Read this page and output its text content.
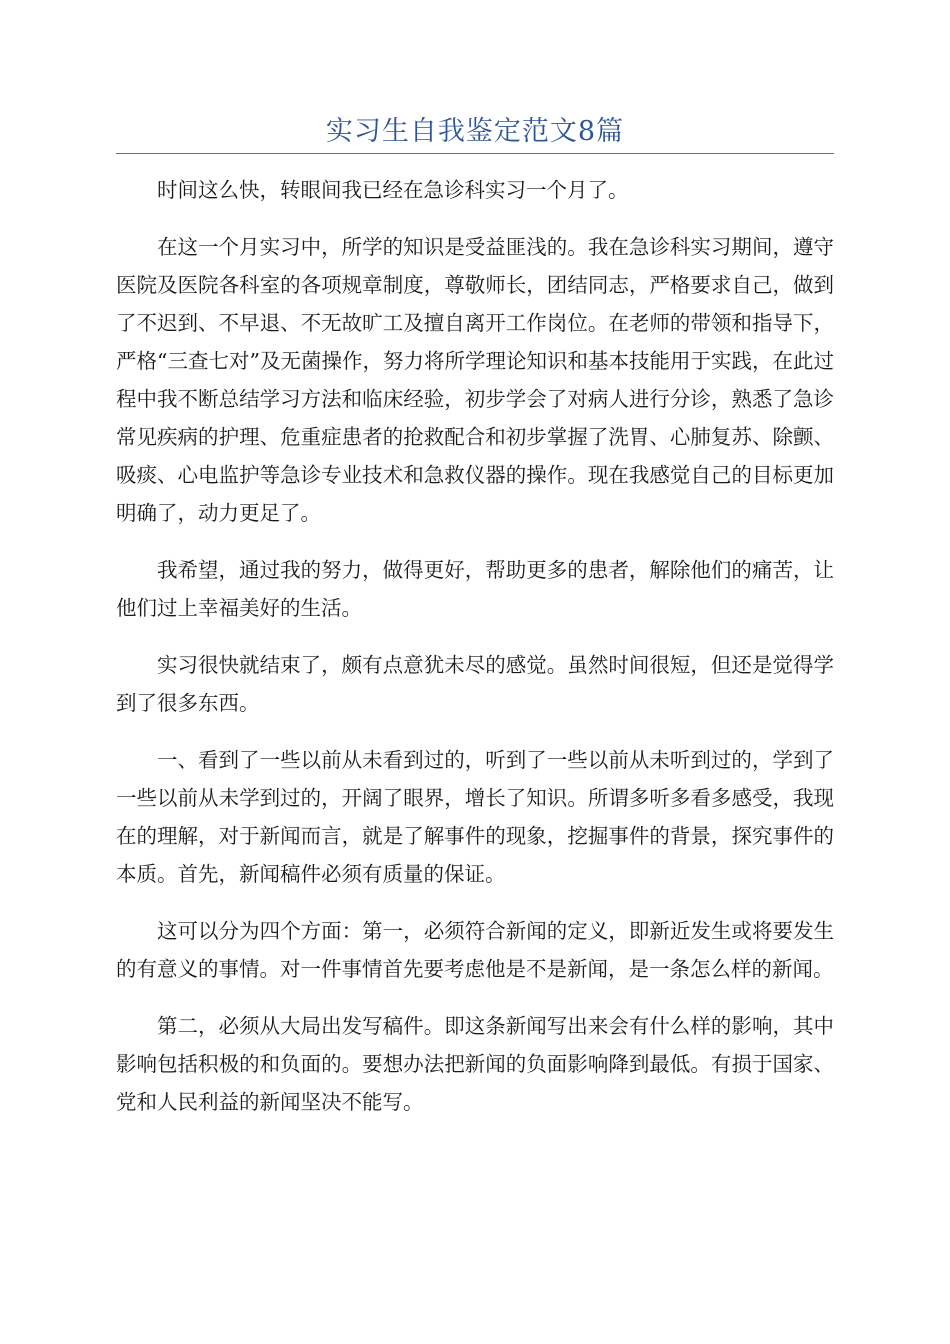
实习生自我鉴定范文8篇

时间这么快，转眼间我已经在急诊科实习一个月了。

在这一个月实习中，所学的知识是受益匪浅的。我在急诊科实习期间，遵守医院及医院各科室的各项规章制度，尊敬师长，团结同志，严格要求自己，做到了不迟到、不早退、不无故旷工及擅自离开工作岗位。在老师的带领和指导下，严格“三查七对”及无菌操作，努力将所学理论知识和基本技能用于实践，在此过程中我不断总结学习方法和临床经验，初步学会了对病人进行分诊，熟悉了急诊常见疾病的护理、危重症患者的抢救配合和初步掌握了洗胃、心肺复苏、除颤、吸痰、心电监护等急诊专业技术和急救仪器的操作。现在我感觉自己的目标更加明确了，动力更足了。

我希望，通过我的努力，做得更好，帮助更多的患者，解除他们的痛苦，让他们过上幸福美好的生活。

实习很快就结束了，颇有点意犹未尽的感觉。虽然时间很短，但还是觉得学到了很多东西。

一、看到了一些以前从未看到过的，听到了一些以前从未听到过的，学到了一些以前从未学到过的，开阔了眼界，增长了知识。所谓多听多看多感受，我现在的理解，对于新闻而言，就是了解事件的现象，挖掘事件的背景，探究事件的本质。首先，新闻稿件必须有质量的保证。

这可以分为四个方面：第一，必须符合新闻的定义，即新近发生或将要发生的有意义的事情。对一件事情首先要考虑他是不是新闻，是一条怎么样的新闻。

第二，必须从大局出发写稿件。即这条新闻写出来会有什么样的影响，其中影响包括积极的和负面的。要想办法把新闻的负面影响降到最低。有损于国家、党和人民利益的新闻坚决不能写。
